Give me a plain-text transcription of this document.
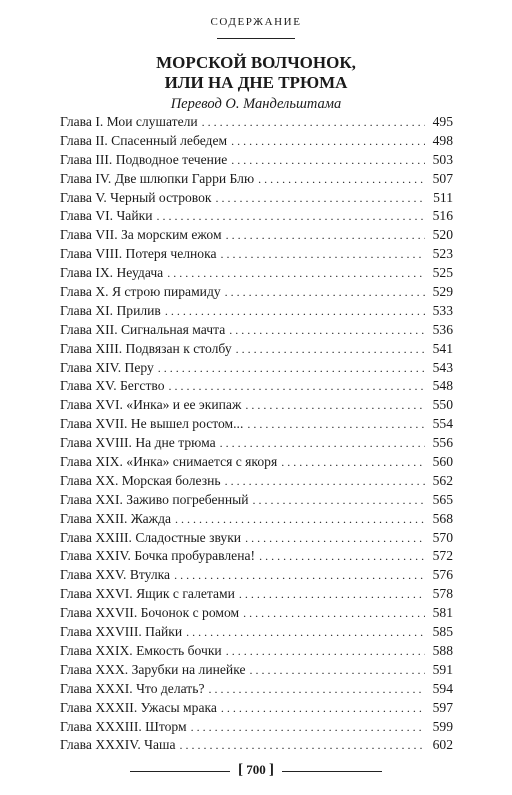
СОДЕРЖАНИЕ
МОРСКОЙ ВОЛЧОНОК,
ИЛИ НА ДНЕ ТРЮМА
Перевод О. Мандельштама
Глава I. Мои слушатели . . .	495
Глава II. Спасенный лебедем . . .	498
Глава III. Подводное течение . . .	503
Глава IV. Две шлюпки Гарри Блю . . .	507
Глава V. Черный островок . . .	511
Глава VI. Чайки . . .	516
Глава VII. За морским ежом . . .	520
Глава VIII. Потеря челнока . . .	523
Глава IX. Неудача . . .	525
Глава X. Я строю пирамиду . . .	529
Глава XI. Прилив . . .	533
Глава XII. Сигнальная мачта . . .	536
Глава XIII. Подвязан к столбу . . .	541
Глава XIV. Перу . . .	543
Глава XV. Бегство . . .	548
Глава XVI. «Инка» и ее экипаж . . .	550
Глава XVII. Не вышел ростом... . . .	554
Глава XVIII. На дне трюма . . .	556
Глава XIX. «Инка» снимается с якоря . . .	560
Глава XX. Морская болезнь . . .	562
Глава XXI. Заживо погребенный . . .	565
Глава XXII. Жажда . . .	568
Глава XXIII. Сладостные звуки . . .	570
Глава XXIV. Бочка пробуравлена! . . .	572
Глава XXV. Втулка . . .	576
Глава XXVI. Ящик с галетами . . .	578
Глава XXVII. Бочонок с ромом . . .	581
Глава XXVIII. Пайки . . .	585
Глава XXIX. Емкость бочки . . .	588
Глава XXX. Зарубки на линейке . . .	591
Глава XXXI. Что делать? . . .	594
Глава XXXII. Ужасы мрака . . .	597
Глава XXXIII. Шторм . . .	599
Глава XXXIV. Чаша . . .	602
[ 700 ]
